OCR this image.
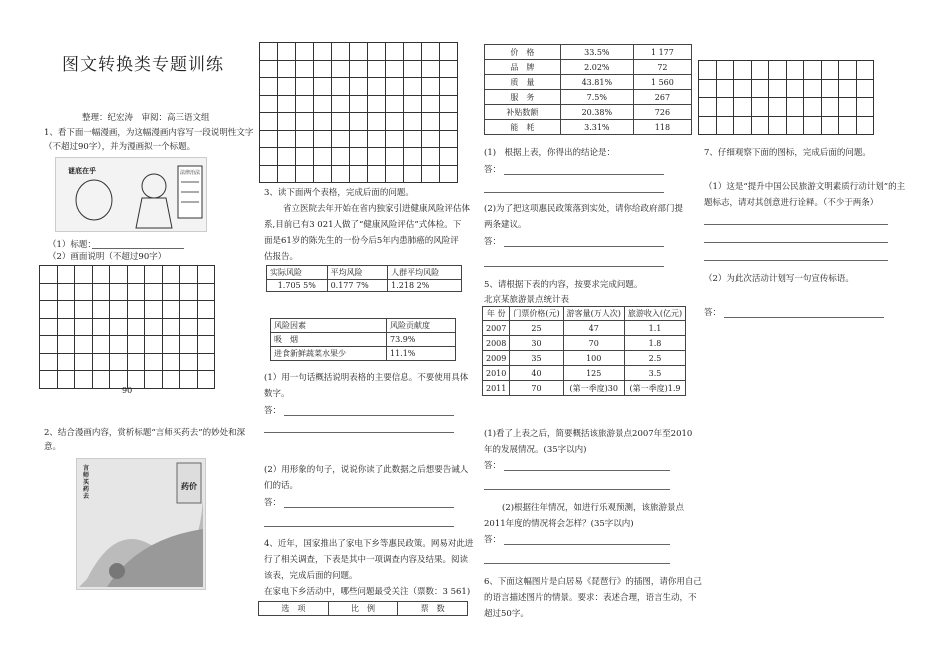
图文转换类专题训练
整理：纪宏涛　审阅：高三语文组
1、看下面一幅漫画，为这幅漫画内容写一段说明性文字
（不超过90字），并为漫画拟一个标题。
谜底在乎	法律治法
（1）标题：
（2）画面说明（不超过90字）

90
2、结合漫画内容，赏析标题“言师买药去”的妙处和深
意。
言师买药去
药价

3、读下面两个表格，完成后面的问题。
省立医院去年开始在省内独家引进健康风险评估体
系,目前已有3 021人做了“健康风险评估”式体检。下
面是61岁的陈先生的一份今后5年内患肺癌的风险评
估报告。
实际风险	平均风险	人群平均风险
1.705 5%	0.177 7%	1.218 2%
风险因素	风险贡献度
吸　烟	73.9%
进食新鲜蔬菜水果少	11.1%
(1）用一句话概括说明表格的主要信息。不要使用具体
数字。
答：
(2）用形象的句子，说说你读了此数据之后想要告诫人
们的话。
答：
4、近年，国家推出了家电下乡等惠民政策。网易对此进
行了相关调查，下表是其中一项调查内容及结果。阅读
该表，完成后面的问题。
在家电下乡活动中，哪些问题最受关注（票数：3 561)
选　项	比　例	票　数
价　格	33.5%	1 177
品　牌	2.02%	72
质　量	43.81%	1 560
服　务	7.5%	267
补贴数额	20.38%	726
能　耗	3.31%	118
(1)　根据上表，你得出的结论是：
答：
(2)为了把这项惠民政策落到实处，请你给政府部门提
两条建议。
答：
5、请根据下表的内容，按要求完成问题。
北京某旅游景点统计表
年 份	门票价格(元)	游客量(万人次)	旅游收入(亿元)
2007	25	47	1.1
2008	30	70	1.8
2009	35	100	2.5
2010	40	125	3.5
2011	70	(第一季度)30	(第一季度)1.9
(1)看了上表之后，简要概括该旅游景点2007年至2010
年的发展情况。(35字以内)
答：
(2)根据往年情况，如进行乐观预测，该旅游景点
2011年度的情况将会怎样？(35字以内)
答：
6、下面这幅图片是白居易《琵琶行》的插图，请你用自己
的语言描述图片的情景。要求：表述合理，语言生动，不
超过50字。

7、仔细观察下面的图标，完成后面的问题。
（1）这是“提升中国公民旅游文明素质行动计划”的主
题标志，请对其创意进行诠释。（不少于两条）
（2）为此次活动计划写一句宣传标语。
答：
